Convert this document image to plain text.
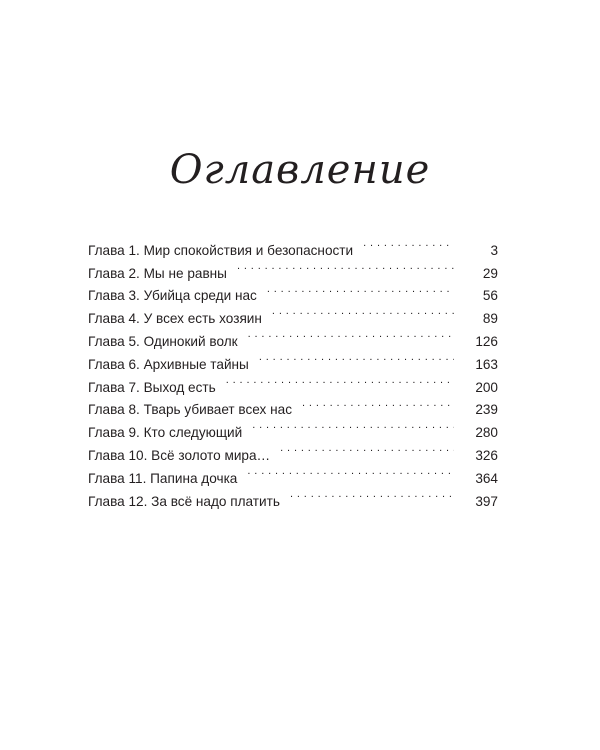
Оглавление
Глава 1. Мир спокойствия и безопасности . . .	3
Глава 2. Мы не равны . . .	29
Глава 3. Убийца среди нас . . .	56
Глава 4. У всех есть хозяин . . .	89
Глава 5. Одинокий волк . . .	126
Глава 6. Архивные тайны . . .	163
Глава 7. Выход есть . . .	200
Глава 8. Тварь убивает всех нас . . .	239
Глава 9. Кто следующий . . .	280
Глава 10. Всё золото мира… . . .	326
Глава 11. Папина дочка . . .	364
Глава 12. За всё надо платить . . .	397
